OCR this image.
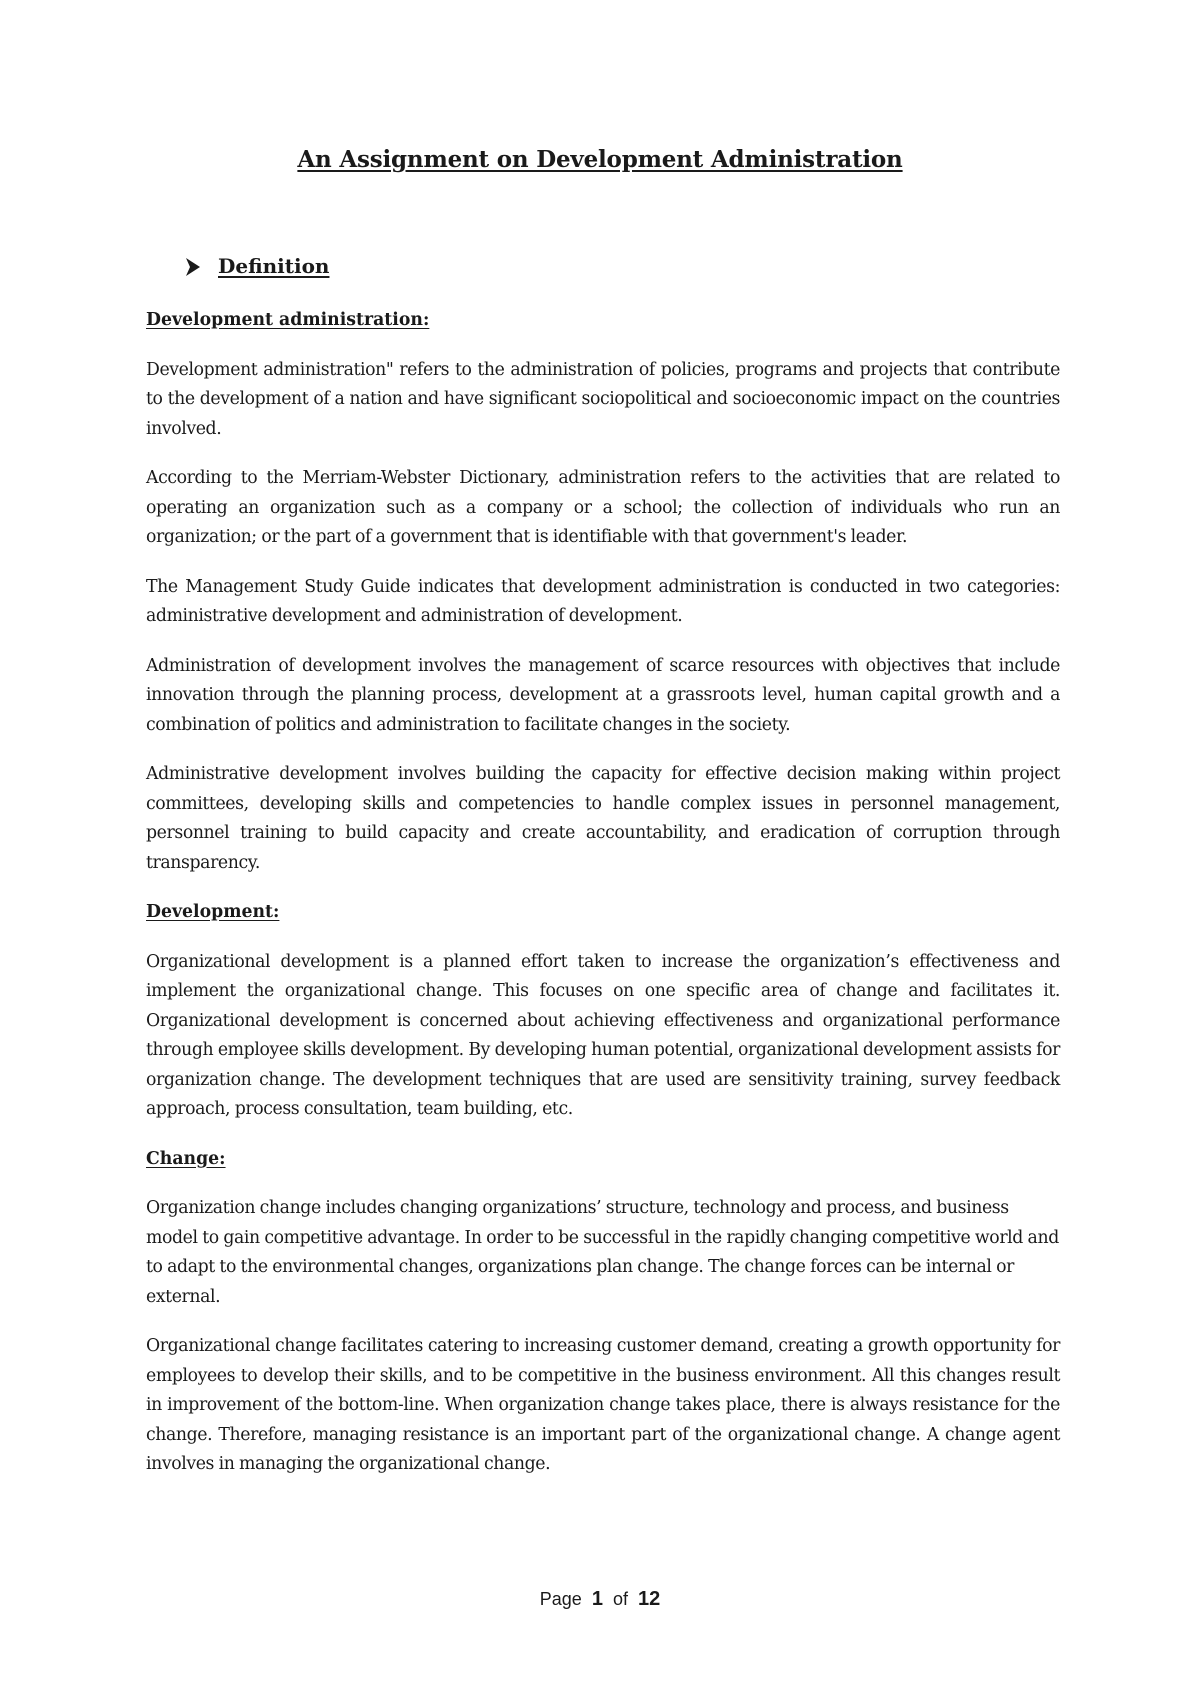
An Assignment on Development Administration
Definition

Development administration:

Development administration" refers to the administration of policies, programs and projects that contribute to the development of a nation and have significant sociopolitical and socioeconomic impact on the countries involved.

According to the Merriam-Webster Dictionary, administration refers to the activities that are related to operating an organization such as a company or a school; the collection of individuals who run an organization; or the part of a government that is identifiable with that government's leader.

The Management Study Guide indicates that development administration is conducted in two categories: administrative development and administration of development.

Administration of development involves the management of scarce resources with objectives that include innovation through the planning process, development at a grassroots level, human capital growth and a combination of politics and administration to facilitate changes in the society.

Administrative development involves building the capacity for effective decision making within project committees, developing skills and competencies to handle complex issues in personnel management, personnel training to build capacity and create accountability, and eradication of corruption through transparency.

Development:

Organizational development is a planned effort taken to increase the organization’s effectiveness and implement the organizational change. This focuses on one specific area of change and facilitates it. Organizational development is concerned about achieving effectiveness and organizational performance through employee skills development. By developing human potential, organizational development assists for organization change. The development techniques that are used are sensitivity training, survey feedback approach, process consultation, team building, etc.

Change:

Organization change includes changing organizations’ structure, technology and process, and business model to gain competitive advantage. In order to be successful in the rapidly changing competitive world and to adapt to the environmental changes, organizations plan change. The change forces can be internal or external.

Organizational change facilitates catering to increasing customer demand, creating a growth opportunity for employees to develop their skills, and to be competitive in the business environment. All this changes result in improvement of the bottom-line. When organization change takes place, there is always resistance for the change. Therefore, managing resistance is an important part of the organizational change. A change agent involves in managing the organizational change.

Page 1 of 12
